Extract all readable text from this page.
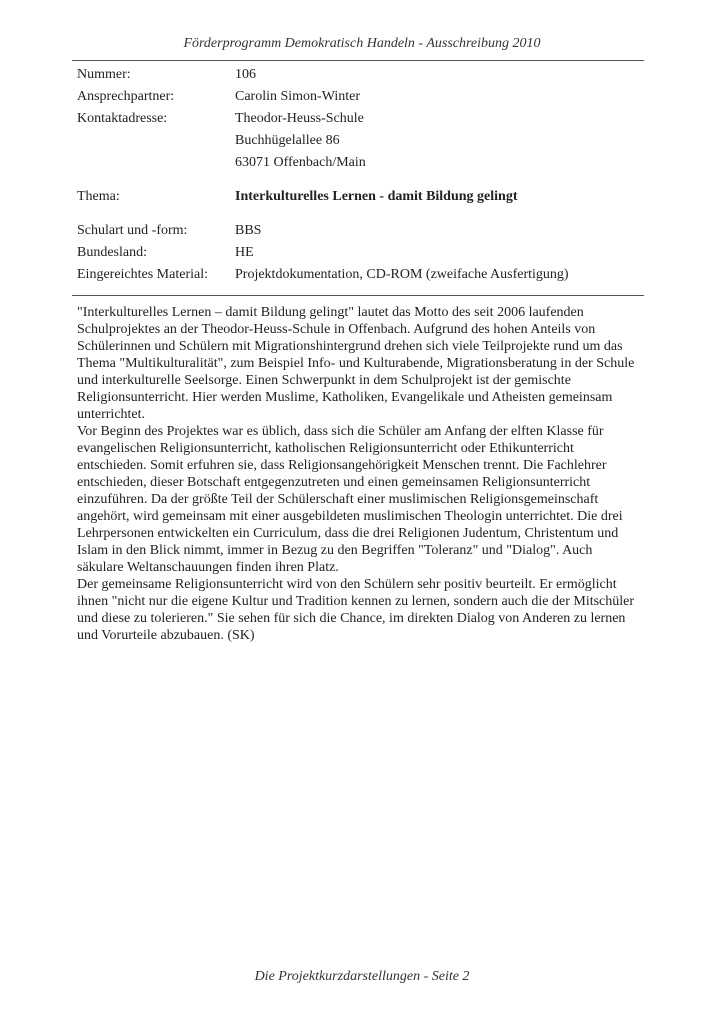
Förderprogramm Demokratisch Handeln - Ausschreibung 2010
Nummer:	106
Ansprechpartner:	Carolin Simon-Winter
Kontaktadresse:	Theodor-Heuss-Schule
Buchhügelallee 86
63071 Offenbach/Main
Thema:	Interkulturelles Lernen - damit Bildung gelingt
Schulart und -form:	BBS
Bundesland:	HE
Eingereichtes Material:	Projektdokumentation, CD-ROM (zweifache Ausfertigung)

"Interkulturelles Lernen – damit Bildung gelingt" lautet das Motto des seit 2006 laufenden Schulprojektes an der Theodor-Heuss-Schule in Offenbach. Aufgrund des hohen Anteils von Schülerinnen und Schülern mit Migrationshintergrund drehen sich viele Teilprojekte rund um das Thema "Multikulturalität", zum Beispiel Info- und Kulturabende, Migrationsberatung in der Schule und interkulturelle Seelsorge. Einen Schwerpunkt in dem Schulprojekt ist der gemischte Religionsunterricht. Hier werden Muslime, Katholiken, Evangelikale und Atheisten gemeinsam unterrichtet.

Vor Beginn des Projektes war es üblich, dass sich die Schüler am Anfang der elften Klasse für evangelischen Religionsunterricht, katholischen Religionsunterricht oder Ethikunterricht entschieden. Somit erfuhren sie, dass Religionsangehörigkeit Menschen trennt. Die Fachlehrer entschieden, dieser Botschaft entgegenzutreten und einen gemeinsamen Religionsunterricht einzuführen. Da der größte Teil der Schülerschaft einer muslimischen Religionsgemeinschaft angehört, wird gemeinsam mit einer ausgebildeten muslimischen Theologin unterrichtet. Die drei Lehrpersonen entwickelten ein Curriculum, dass die drei Religionen Judentum, Christentum und Islam in den Blick nimmt, immer in Bezug zu den Begriffen "Toleranz" und "Dialog". Auch säkulare Weltanschauungen finden ihren Platz.

Der gemeinsame Religionsunterricht wird von den Schülern sehr positiv beurteilt. Er ermöglicht ihnen "nicht nur die eigene Kultur und Tradition kennen zu lernen, sondern auch die der Mitschüler und diese zu tolerieren." Sie sehen für sich die Chance, im direkten Dialog von Anderen zu lernen und Vorurteile abzubauen. (SK)

Die Projektkurzdarstellungen - Seite 2
